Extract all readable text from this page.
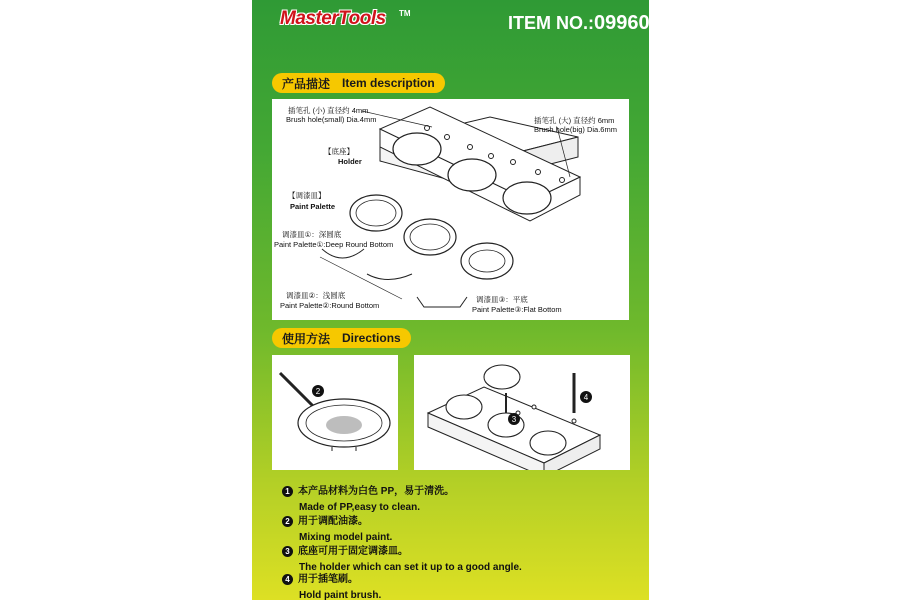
MasterTools TM	ITEM NO.:09960
产品描述 Item description
插笔孔 (小) 直径约 4mm
Brush hole(small) Dia.4mm	插笔孔 (大) 直径约 6mm
Brush hole(big) Dia.6mm
【底座】
Holder
【调漆皿】
Paint Palette
调漆皿①：深圆底
Paint Palette①:Deep Round Bottom
调漆皿②：浅圆底
Paint Palette②:Round Bottom
调漆皿③：平底
Paint Palette③:Flat Bottom
使用方法 Directions
2
3
4
1 本产品材料为白色 PP，易于清洗。
Made of PP,easy to clean.
2 用于调配油漆。
Mixing model paint.
3 底座可用于固定调漆皿。
The holder which can set it up to a good angle.
4 用于插笔刷。
Hold paint brush.
